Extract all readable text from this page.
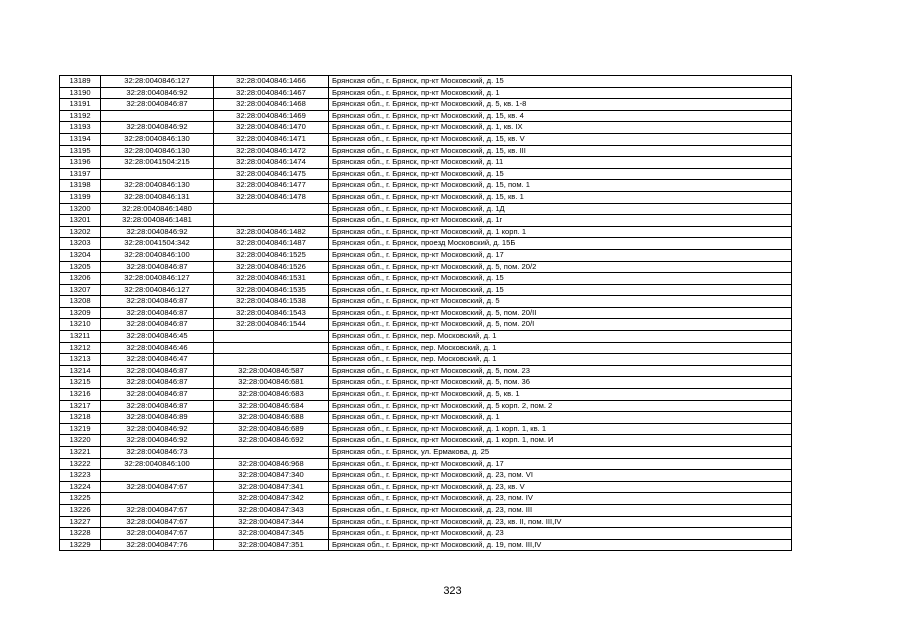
13189	32:28:0040846:127	32:28:0040846:1466	Брянская обл., г. Брянск, пр-кт Московский, д. 15
13190	32:28:0040846:92	32:28:0040846:1467	Брянская обл., г. Брянск, пр-кт Московский, д. 1
13191	32:28:0040846:87	32:28:0040846:1468	Брянская обл., г. Брянск, пр-кт Московский, д. 5, кв. 1-8
13192		32:28:0040846:1469	Брянская обл., г. Брянск, пр-кт Московский, д. 15, кв. 4
13193	32:28:0040846:92	32:28:0040846:1470	Брянская обл., г. Брянск, пр-кт Московский, д. 1, кв. IX
13194	32:28:0040846:130	32:28:0040846:1471	Брянская обл., г. Брянск, пр-кт Московский, д. 15, кв. V
13195	32:28:0040846:130	32:28:0040846:1472	Брянская обл., г. Брянск, пр-кт Московский, д. 15, кв. III
13196	32:28:0041504:215	32:28:0040846:1474	Брянская обл., г. Брянск, пр-кт Московский, д. 11
13197		32:28:0040846:1475	Брянская обл., г. Брянск, пр-кт Московский, д. 15
13198	32:28:0040846:130	32:28:0040846:1477	Брянская обл., г. Брянск, пр-кт Московский, д. 15, пом. 1
13199	32:28:0040846:131	32:28:0040846:1478	Брянская обл., г. Брянск, пр-кт Московский, д. 15, кв. 1
13200	32:28:0040846:1480		Брянская обл., г. Брянск, пр-кт Московский, д. 1Д
13201	32:28:0040846:1481		Брянская обл., г. Брянск, пр-кт Московский, д. 1г
13202	32:28:0040846:92	32:28:0040846:1482	Брянская обл., г. Брянск, пр-кт Московский, д. 1 корп. 1
13203	32:28:0041504:342	32:28:0040846:1487	Брянская обл., г. Брянск, проезд Московский, д. 15Б
13204	32:28:0040846:100	32:28:0040846:1525	Брянская обл., г. Брянск, пр-кт Московский, д. 17
13205	32:28:0040846:87	32:28:0040846:1526	Брянская обл., г. Брянск, пр-кт Московский, д. 5, пом. 20/2
13206	32:28:0040846:127	32:28:0040846:1531	Брянская обл., г. Брянск, пр-кт Московский, д. 15
13207	32:28:0040846:127	32:28:0040846:1535	Брянская обл., г. Брянск, пр-кт Московский, д. 15
13208	32:28:0040846:87	32:28:0040846:1538	Брянская обл., г. Брянск, пр-кт Московский, д. 5
13209	32:28:0040846:87	32:28:0040846:1543	Брянская обл., г. Брянск, пр-кт Московский, д. 5, пом. 20/II
13210	32:28:0040846:87	32:28:0040846:1544	Брянская обл., г. Брянск, пр-кт Московский, д. 5, пом. 20/I
13211	32:28:0040846:45		Брянская обл., г. Брянск, пер. Московский, д. 1
13212	32:28:0040846:46		Брянская обл., г. Брянск, пер. Московский, д. 1
13213	32:28:0040846:47		Брянская обл., г. Брянск, пер. Московский, д. 1
13214	32:28:0040846:87	32:28:0040846:587	Брянская обл., г. Брянск, пр-кт Московский, д. 5, пом. 23
13215	32:28:0040846:87	32:28:0040846:681	Брянская обл., г. Брянск, пр-кт Московский, д. 5, пом. 36
13216	32:28:0040846:87	32:28:0040846:683	Брянская обл., г. Брянск, пр-кт Московский, д. 5, кв. 1
13217	32:28:0040846:87	32:28:0040846:684	Брянская обл., г. Брянск, пр-кт Московский, д. 5 корп. 2, пом. 2
13218	32:28:0040846:89	32:28:0040846:688	Брянская обл., г. Брянск, пр-кт Московский, д. 1
13219	32:28:0040846:92	32:28:0040846:689	Брянская обл., г. Брянск, пр-кт Московский, д. 1 корп. 1, кв. 1
13220	32:28:0040846:92	32:28:0040846:692	Брянская обл., г. Брянск, пр-кт Московский, д. 1 корп. 1, пом. И
13221	32:28:0040846:73		Брянская обл., г. Брянск, ул. Ермакова, д. 25
13222	32:28:0040846:100	32:28:0040846:968	Брянская обл., г. Брянск, пр-кт Московский, д. 17
13223		32:28:0040847:340	Брянская обл., г. Брянск, пр-кт Московский, д. 23, пом. VI
13224	32:28:0040847:67	32:28:0040847:341	Брянская обл., г. Брянск, пр-кт Московский, д. 23, кв. V
13225		32:28:0040847:342	Брянская обл., г. Брянск, пр-кт Московский, д. 23, пом. IV
13226	32:28:0040847:67	32:28:0040847:343	Брянская обл., г. Брянск, пр-кт Московский, д. 23, пом. III
13227	32:28:0040847:67	32:28:0040847:344	Брянская обл., г. Брянск, пр-кт Московский, д. 23, кв. II, пом. III,IV
13228	32:28:0040847:67	32:28:0040847:345	Брянская обл., г. Брянск, пр-кт Московский, д. 23
13229	32:28:0040847:76	32:28:0040847:351	Брянская обл., г. Брянск, пр-кт Московский, д. 19, пом. III,IV
323
